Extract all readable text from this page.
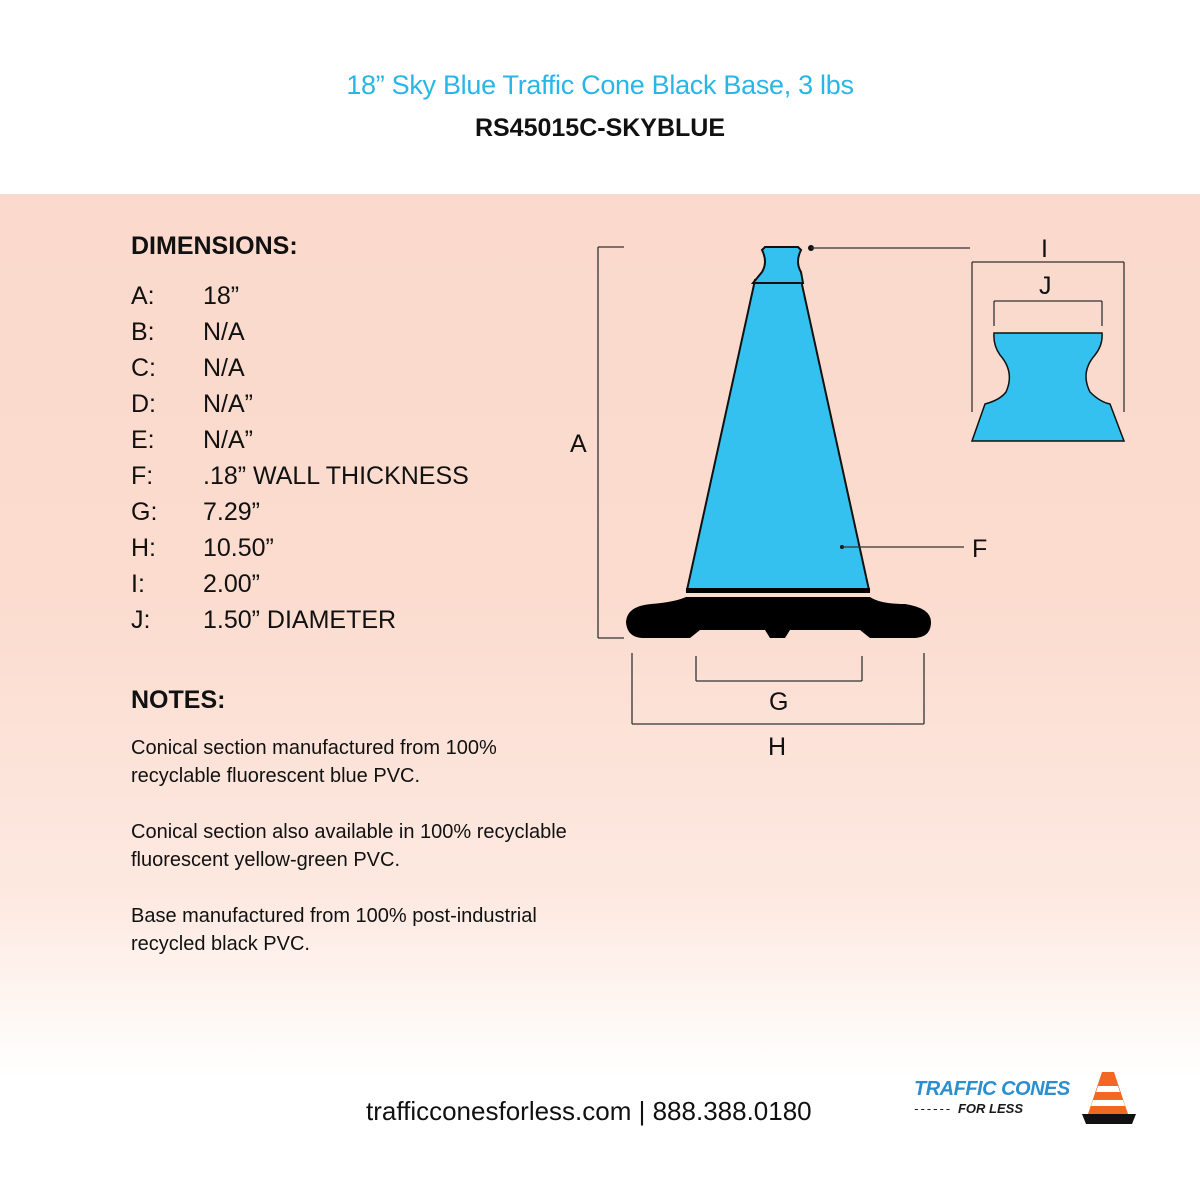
18” Sky Blue Traffic Cone Black Base, 3 lbs
RS45015C-SKYBLUE
DIMENSIONS:
A:	18”
B:	N/A
C:	N/A
D:	N/A”
E:	N/A”
F:	.18” WALL THICKNESS
G:	7.29”
H:	10.50”
I:	2.00”
J:	1.50” DIAMETER
NOTES:

Conical section manufactured from 100% recyclable fluorescent blue PVC.

Conical section also available in 100% recyclable fluorescent yellow-green PVC.

Base manufactured from 100% post-industrial recycled black PVC.

A
I
F
G
H
J
trafficconesforless.com | 888.388.0180
TRAFFIC CONES
------ FOR LESS
